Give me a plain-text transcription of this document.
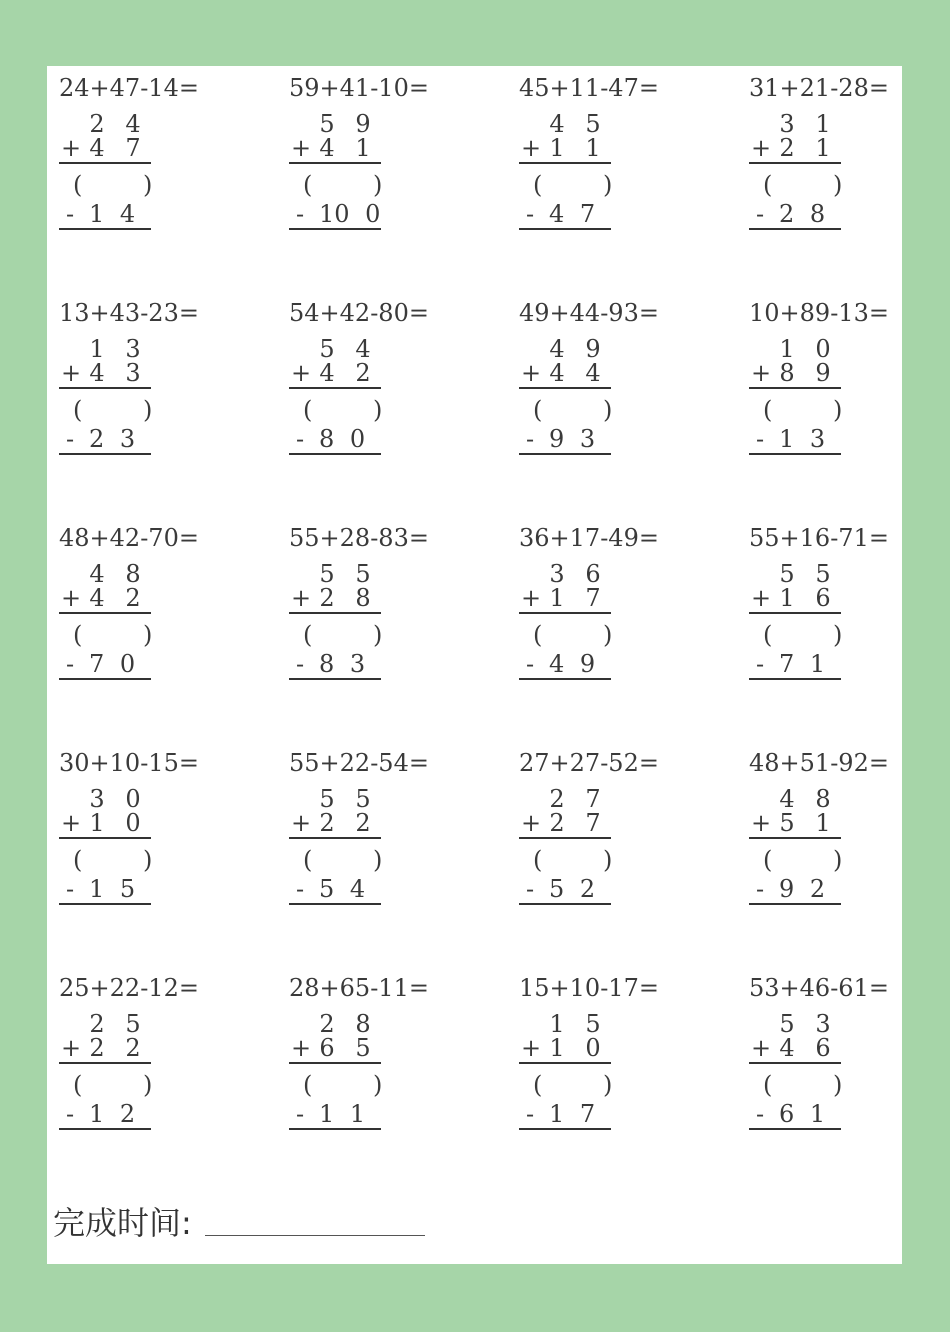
完成时间:
24+47-14=
2 4
+ 4 7
(	)
- 1 4
59+41-10=
5 9
+ 4 1
(	)
- 10 0
45+11-47=
4 5
+ 1 1
(	)
- 4 7
31+21-28=
3 1
+ 2 1
(	)
- 2 8
13+43-23=
1 3
+ 4 3
(	)
- 2 3
54+42-80=
5 4
+ 4 2
(	)
- 8 0
49+44-93=
4 9
+ 4 4
(	)
- 9 3
10+89-13=
1 0
+ 8 9
(	)
- 1 3
48+42-70=
4 8
+ 4 2
(	)
- 7 0
55+28-83=
5 5
+ 2 8
(	)
- 8 3
36+17-49=
3 6
+ 1 7
(	)
- 4 9
55+16-71=
5 5
+ 1 6
(	)
- 7 1
30+10-15=
3 0
+ 1 0
(	)
- 1 5
55+22-54=
5 5
+ 2 2
(	)
- 5 4
27+27-52=
2 7
+ 2 7
(	)
- 5 2
48+51-92=
4 8
+ 5 1
(	)
- 9 2
25+22-12=
2 5
+ 2 2
(	)
- 1 2
28+65-11=
2 8
+ 6 5
(	)
- 1 1
15+10-17=
1 5
+ 1 0
(	)
- 1 7
53+46-61=
5 3
+ 4 6
(	)
- 6 1
